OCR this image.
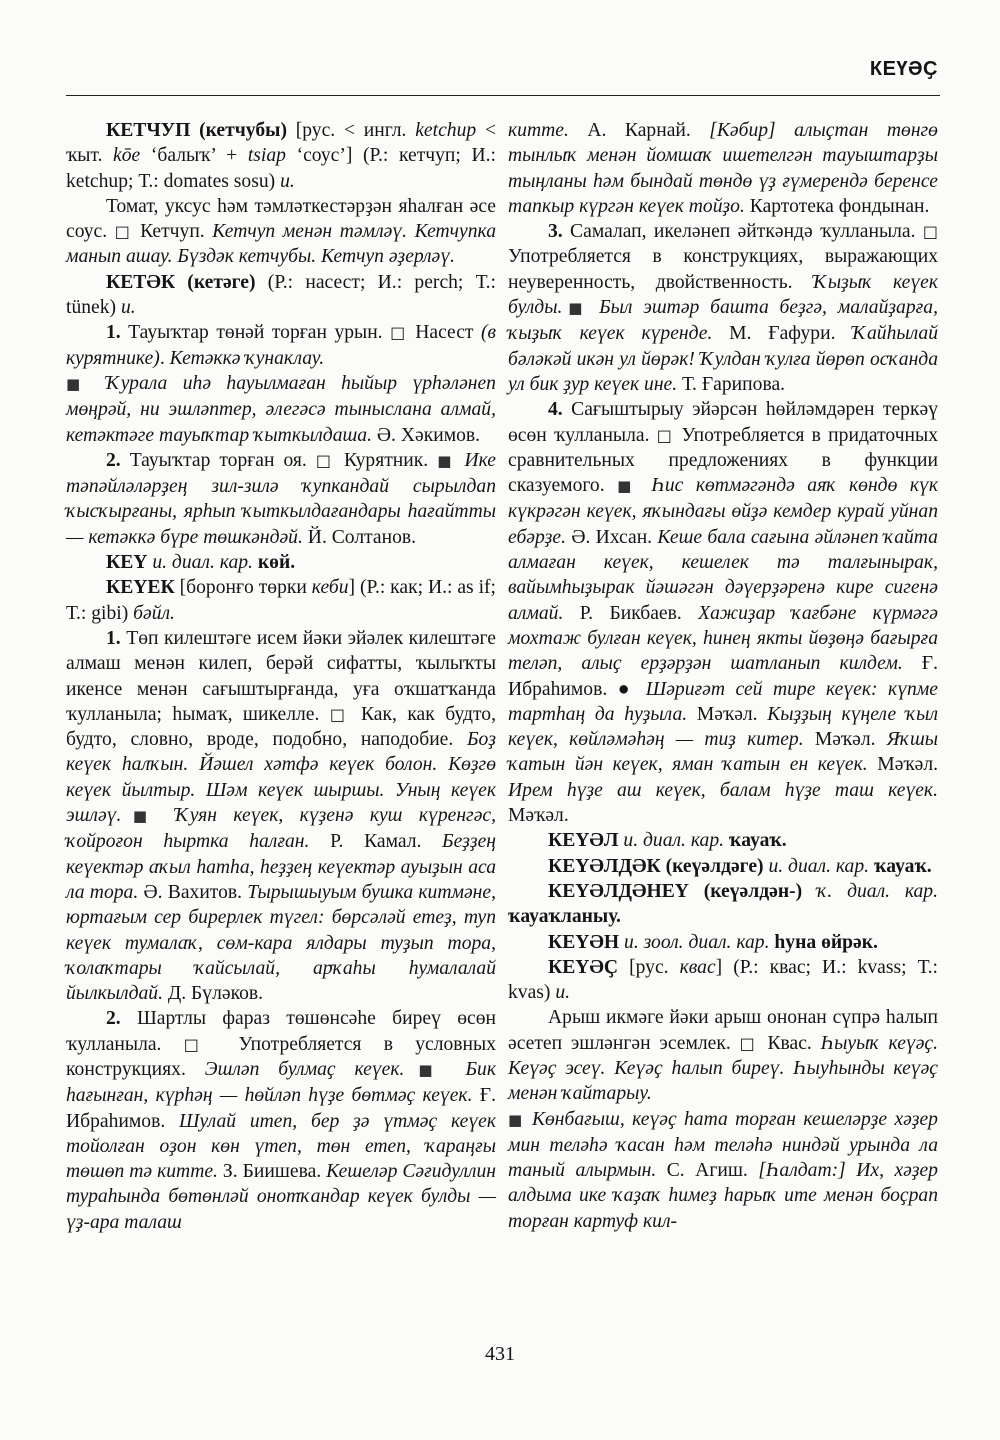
КЕҮӘҪ

КЕТЧУП (кетчубы) [рус. < ингл. ketchup < ҡыт. kōe ‘балыҡ’ + tsiap ‘соус’] (Р.: кетчуп; И.: ketchup; Т.: domates sosu) и.

Томат, уксус һәм тәмләткестәрҙән яһалған әсе соус. □ Кетчуп. Кетчуп менән тәмләү. Кетчупка манып ашау. Бүздәк кетчубы. Кетчуп әҙерләү.

КЕТӘК (кетәге) (Р.: насест; И.: perch; Т.: tünek) и.

1. Тауыҡтар төнәй торған урын. □ Насест (в курятнике). Кетәккә ҡунаклау.

■ Ҡурала иһә һауылмаған һыйыр үрһәләнеп мөңрәй, ни эшләптер, әлегәсә тыныслана алмай, кетәктәге тауыҡтар ҡыткылдаша. Ә. Хәкимов.

2. Тауыҡтар торған оя. □ Курятник. ■ Ике тәпәйләләрҙең зил-зилә ҡупкандай сырылдап ҡысҡырғаны, ярһып ҡыткылдағандары һағайтты — кетәккә бүре төшкәндәй. Й. Солтанов.

КЕҮ и. диал. кар. көй.

КЕҮЕК [боронғо төрки кеби] (Р.: как; И.: as if; Т.: gibi) бәйл.

1. Төп килештәге исем йәки эйәлек килештәге алмаш менән килеп, берәй сифатты, ҡылыҡты икенсе менән сағыштырғанда, уға оҡшатҡанда ҡулланыла; һымаҡ, шикелле. □ Как, как будто, будто, словно, вроде, подобно, наподобие. Боҙ кеүек һалҡын. Йәшел хәтфә кеүек болон. Көҙгө кеүек йылтыр. Шәм кеүек шыршы. Уның кеүек эшләү.■ Ҡуян кеүек, күҙенә куш күренгәс, ҡойроғон һыртка һалған. Р. Камал. Беҙҙең кеүектәр аҡыл һатһа, һеҙҙең кеүектәр ауыҙын аса ла тора. Ә. Вахитов. Тырышыуым бушка китмәне, юртағым сер бирерлек түгел: бөрсәләй етеҙ, туп кеүек тумалаҡ, сөм-кара ялдары туҙып тора, ҡолаҡтары ҡайсылай, арҡаһы һумалалай йылкылдай. Д. Бүләков.

2. Шартлы фараз төшөнсәһе биреү өсөн ҡулланыла. □ Употребляется в условных конструкциях. Эшләп булмаҫ кеүек.■ Бик һағынған, күрһәң — һөйләп һүҙе бөтмәҫ кеүек. Ғ. Ибраһимов. Шулай итеп, бер ҙә үтмәҫ кеүек тойолған оҙон көн үтеп, төн етеп, ҡараңғы төшөп тә китте. З. Биишева. Кешеләр Сәғидуллин тураһында бөтөнләй онотҡандар кеүек булды — үҙ-ара талаш

китте. А. Карнай. [Кәбир] алыҫтан төнгө тынлыҡ менән йомшаҡ ишетелгән тауыштарҙы тыңланы һәм бындай төндө үҙ ғүмерендә беренсе тапкыр күргән кеүек тойҙо. Картотека фондынан.

3. Самалап, икеләнеп әйткәндә ҡулланыла. □ Употребляется в конструкциях, выражающих неуверенность, двойственность. Ҡыҙыҡ кеүек булды.■ Был эштәр башта беҙгә, малайҙарға, ҡыҙыҡ кеүек күренде. М. Ғафури. Ҡайһылай бәләкәй икән ул йөрәк! Ҡулдан ҡулға йөрөп осҡанда ул бик ҙур кеүек ине. Т. Ғарипова.

4. Сағыштырыу эйәрсән һөйләмдәрен теркәү өсөн ҡулланыла. □ Употребляется в придаточных сравнительных предложениях в функции сказуемого. ■ Һис көтмәгәндә аяҡ көндө күк күкрәгән кеүек, яҡындағы өйҙә кемдер курай уйнап ебәрҙе. Ә. Ихсан. Кеше бала сағына әйләнеп ҡайта алмаған кеүек, кешелек тә талғынырак, вайымһыҙырак йәшәгән дәүерҙәренә кире сигенә алмай. Р. Бикбаев. Хажиҙар ҡағбәне күрмәгә мохтаж булған кеүек, һинең якты йөҙөңә бағырға теләп, алыҫ ерҙәрҙән шатланып килдем. Ғ. Ибраһимов. ● Шәриғәт сей тире кеүек: күпме тартһаң да һуҙыла. Мәҡәл. Кыҙҙың күңеле ҡыл кеүек, көйләмәһәң — тиҙ китер. Мәҡәл. Яҡшы ҡатын йән кеүек, яман ҡатын ен кеүек. Мәҡәл. Ирем һүҙе аш кеүек, балам һүҙе таш кеүек. Мәҡәл.

КЕҮӘЛ и. диал. кар. ҡауаҡ.

КЕҮӘЛДӘК (кеүәлдәге) и. диал. кар. ҡауаҡ.

КЕҮӘЛДӘНЕҮ (кеүәлдән-) ҡ. диал. кар. ҡауаҡланыу.

КЕҮӘН и. зоол. диал. кар. һуна өйрәк.

КЕҮӘҪ [рус. квас] (Р.: квас; И.: kvass; Т.: kvas) и.

Арыш икмәге йәки арыш ононан сүпрә һалып әсетеп эшләнгән эсемлек. □ Квас. Һыуыҡ кеүәҫ. Кеүәҫ эсеү. Кеүәҫ һалып биреү. Һыуһынды кеүәҫ менән ҡайтарыу.

■ Көнбағыш, кеүәҫ һата торған кешеләрҙе хәҙер мин теләһә ҡасан һәм теләһә ниндәй урында ла таный алырмын. С. Агиш. [Һалдат:] Их, хәҙер алдыма ике ҡаҙаҡ һимеҙ һарыҡ ите менән боҫрап торған картуф кил-

431
